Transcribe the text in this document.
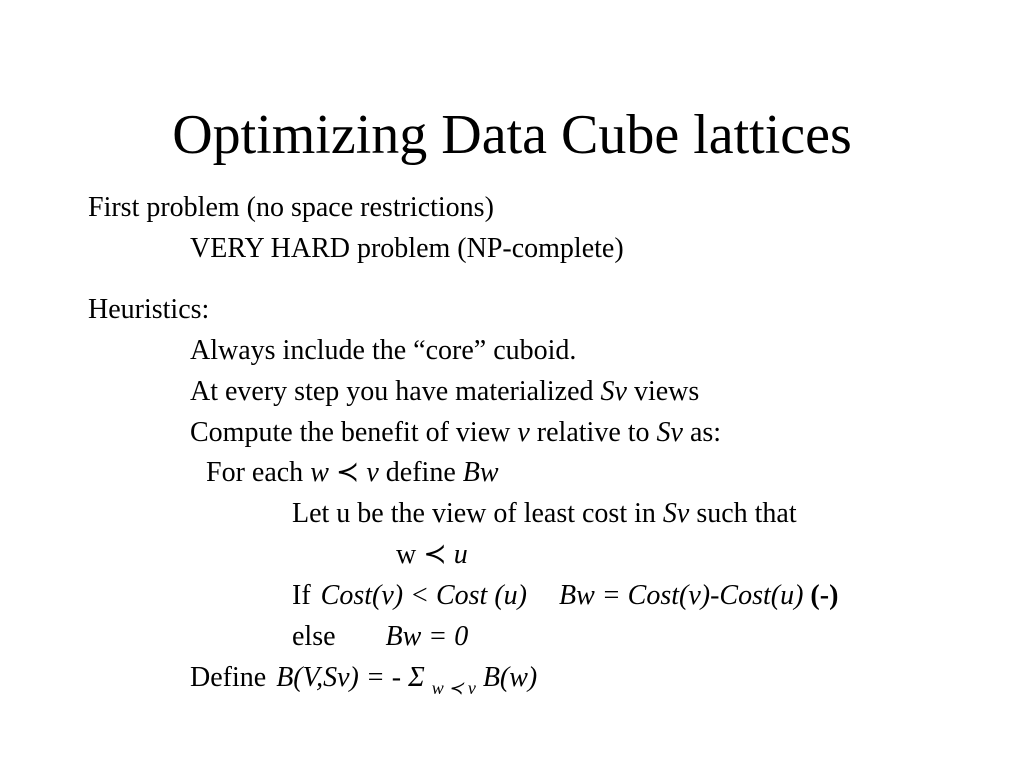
Optimizing Data Cube lattices
First problem (no space restrictions)
VERY HARD problem (NP-complete)
Heuristics:
Always include the “core” cuboid.
At every step you have materialized Sv views
Compute the benefit of view v relative to Sv as:
For each w ≺ v define Bw
Let u be the view of least cost in Sv such that
w ≺ u
If Cost(v) < Cost (u) Bw = Cost(v)-Cost(u) (-)
else Bw = 0
Define B(V,Sv) = - Σ $_{w ≺ v}$ B(w)
